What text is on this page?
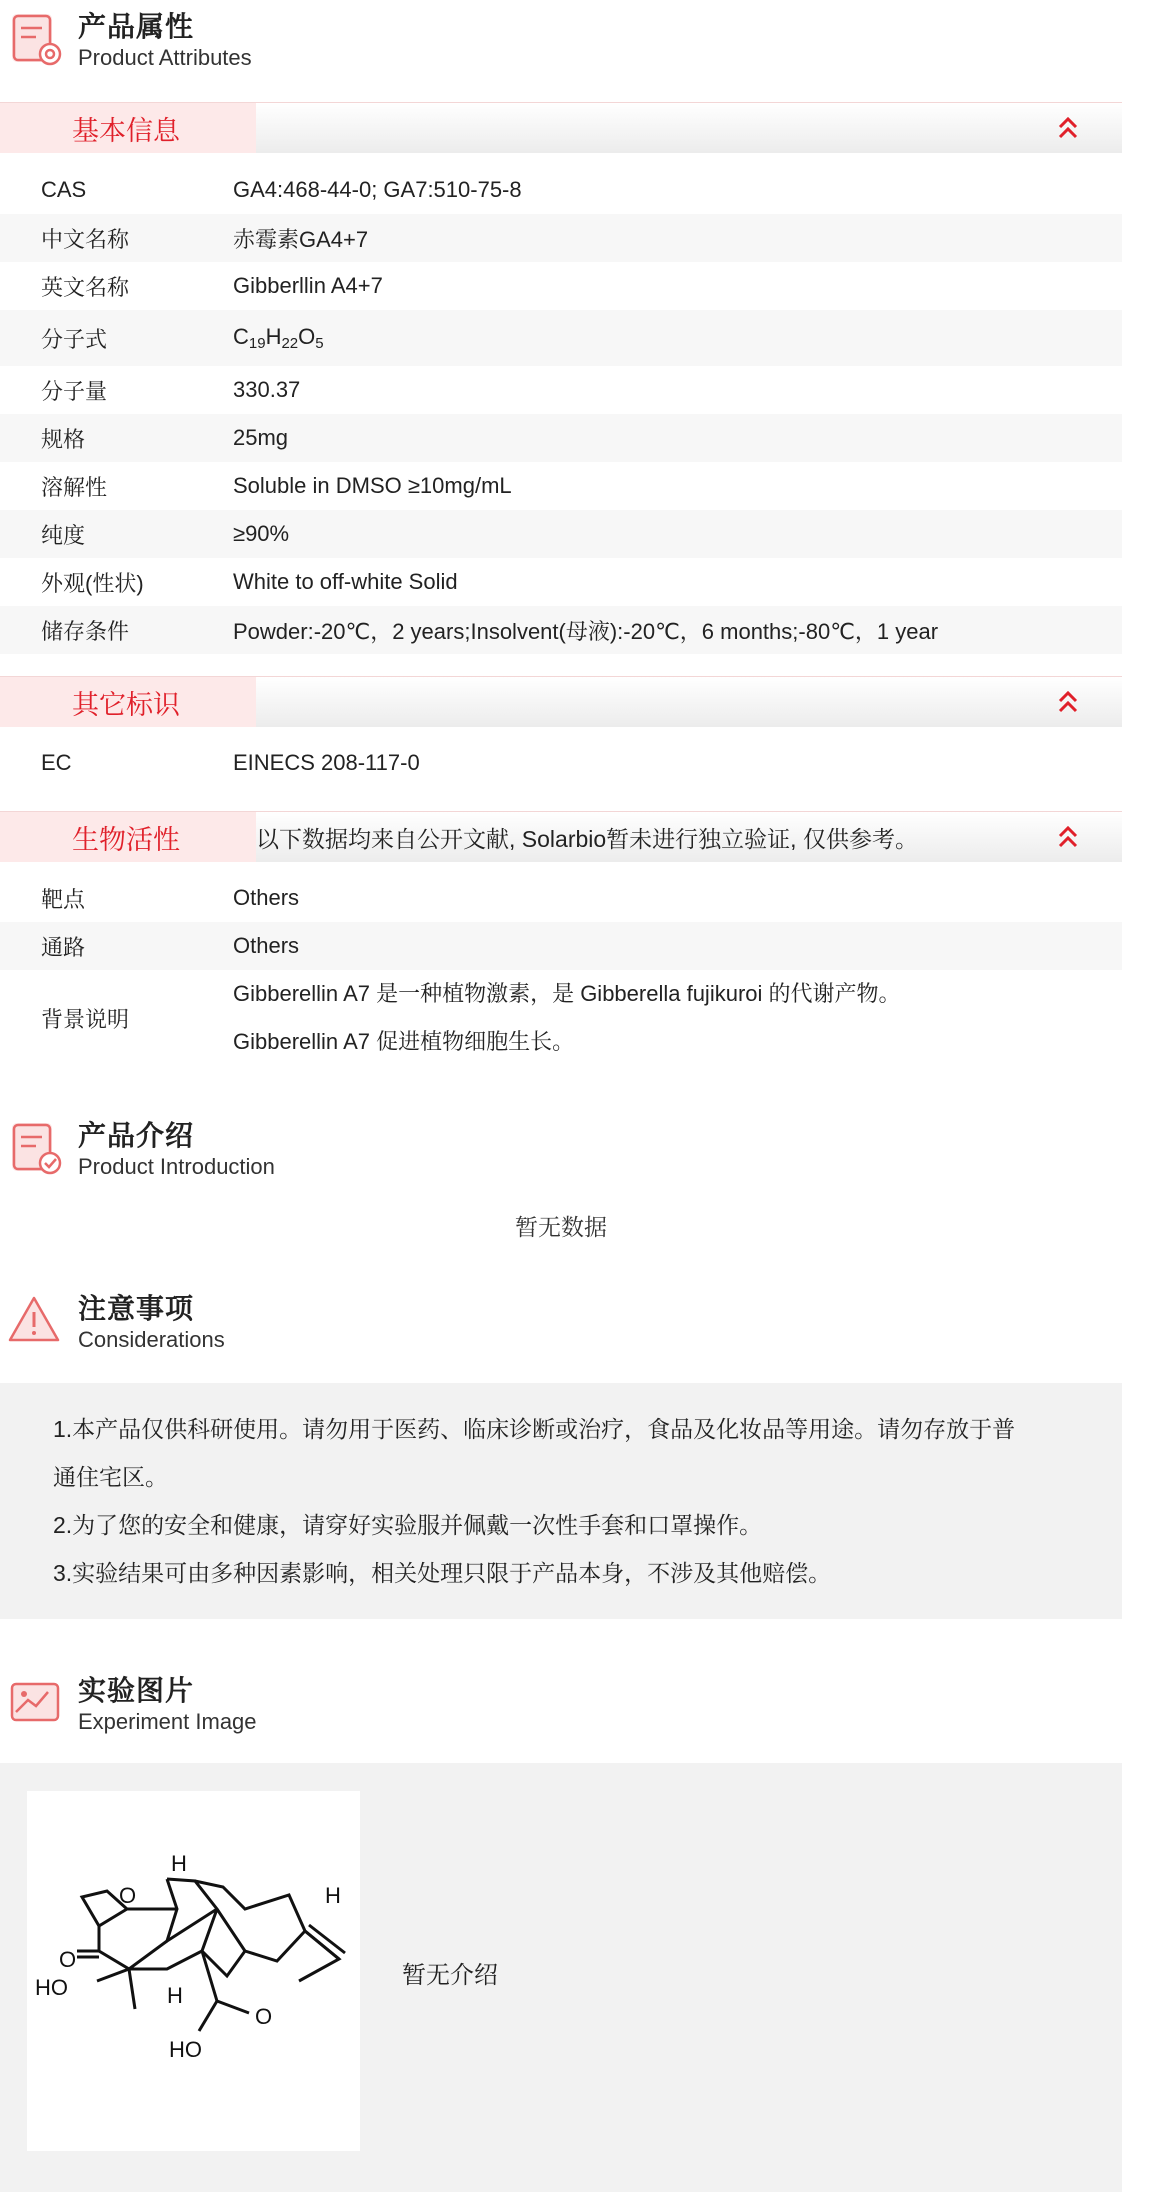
产品属性
Product Attributes
基本信息
CAS	GA4:468-44-0; GA7:510-75-8
中文名称	赤霉素GA4+7
英文名称	Gibberllin A4+7
分子式	$C_{19}H_{22}O_5$
分子量	330.37
规格	25mg
溶解性	Soluble in DMSO ≥10mg/mL
纯度	≥90%
外观(性状)	White to off-white Solid
储存条件	Powder:-20℃，2 years;Insolvent(母液):-20℃，6 months;-80℃，1 year
其它标识
EC	EINECS 208-117-0
生物活性	以下数据均来自公开文献, Solarbio暂未进行独立验证, 仅供参考。
靶点	Others
通路	Others
背景说明
Gibberellin A7 是一种植物激素，是 Gibberella fujikuroi 的代谢产物。
Gibberellin A7 促进植物细胞生长。
产品介绍
Product Introduction
暂无数据
注意事项
Considerations

1.本产品仅供科研使用。请勿用于医药、临床诊断或治疗，食品及化妆品等用途。请勿存放于普

通住宅区。

2.为了您的安全和健康，请穿好实验服并佩戴一次性手套和口罩操作。

3.实验结果可由多种因素影响，相关处理只限于产品本身，不涉及其他赔偿。

实验图片
Experiment Image
H
H
H
O
O
O
HO
HO
暂无介绍
